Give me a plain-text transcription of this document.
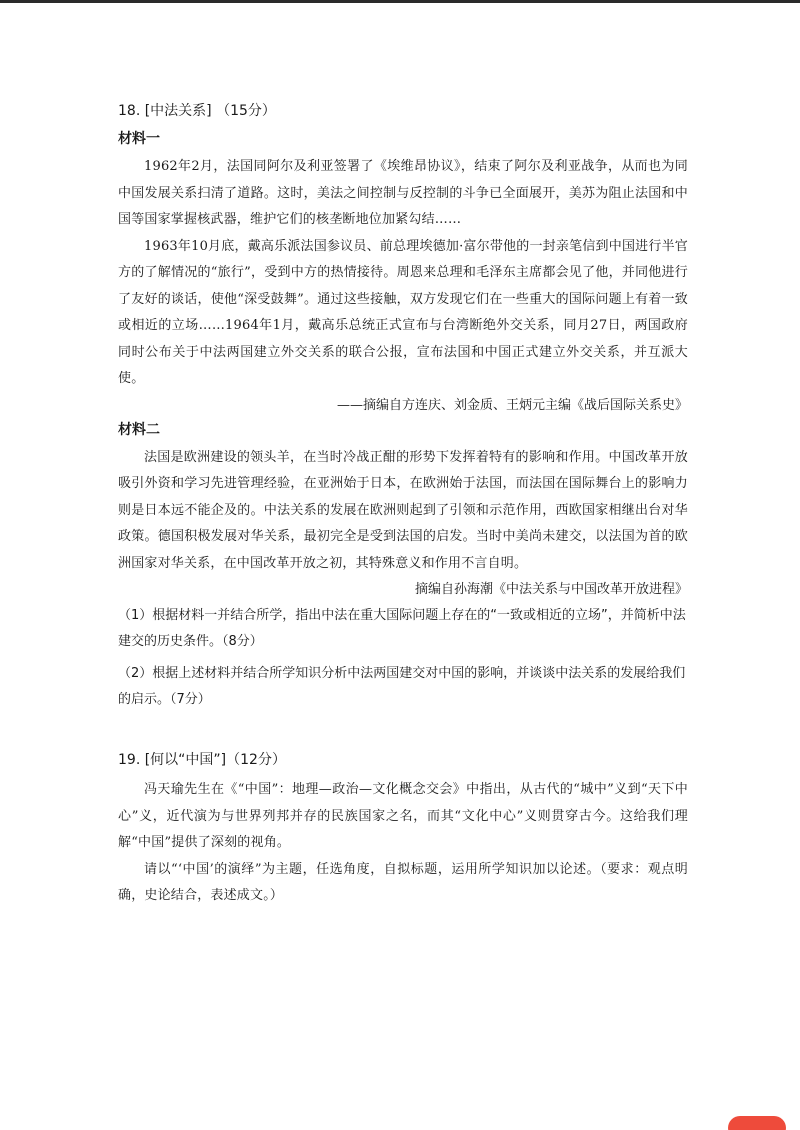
18. [中法关系] （15分）
材料一

1962年2月，法国同阿尔及利亚签署了《埃维昂协议》，结束了阿尔及利亚战争，从而也为同中国发展关系扫清了道路。这时，美法之间控制与反控制的斗争已全面展开，美苏为阻止法国和中国等国家掌握核武器，维护它们的核垄断地位加紧勾结……

1963年10月底，戴高乐派法国参议员、前总理埃德加·富尔带他的一封亲笔信到中国进行半官方的了解情况的“旅行”，受到中方的热情接待。周恩来总理和毛泽东主席都会见了他，并同他进行了友好的谈话，使他“深受鼓舞”。通过这些接触，双方发现它们在一些重大的国际问题上有着一致或相近的立场……1964年1月，戴高乐总统正式宣布与台湾断绝外交关系，同月27日，两国政府同时公布关于中法两国建立外交关系的联合公报，宣布法国和中国正式建立外交关系，并互派大使。

——摘编自方连庆、刘金质、王炳元主编《战后国际关系史》
材料二

法国是欧洲建设的领头羊，在当时冷战正酣的形势下发挥着特有的影响和作用。中国改革开放吸引外资和学习先进管理经验，在亚洲始于日本，在欧洲始于法国，而法国在国际舞台上的影响力则是日本远不能企及的。中法关系的发展在欧洲则起到了引领和示范作用，西欧国家相继出台对华政策。德国积极发展对华关系，最初完全是受到法国的启发。当时中美尚未建交，以法国为首的欧洲国家对华关系，在中国改革开放之初，其特殊意义和作用不言自明。

摘编自孙海潮《中法关系与中国改革开放进程》

（1）根据材料一并结合所学，指出中法在重大国际问题上存在的“一致或相近的立场”，并简析中法建交的历史条件。（8分）

（2）根据上述材料并结合所学知识分析中法两国建交对中国的影响，并谈谈中法关系的发展给我们的启示。（7分）

19. [何以“中国”]（12分）

冯天瑜先生在《“中国”：地理—政治—文化概念交会》中指出，从古代的“城中”义到“天下中心”义，近代演为与世界列邦并存的民族国家之名，而其“文化中心”义则贯穿古今。这给我们理解“中国”提供了深刻的视角。

请以“‘中国’的演绎”为主题，任选角度，自拟标题，运用所学知识加以论述。（要求：观点明确，史论结合，表述成文。）
